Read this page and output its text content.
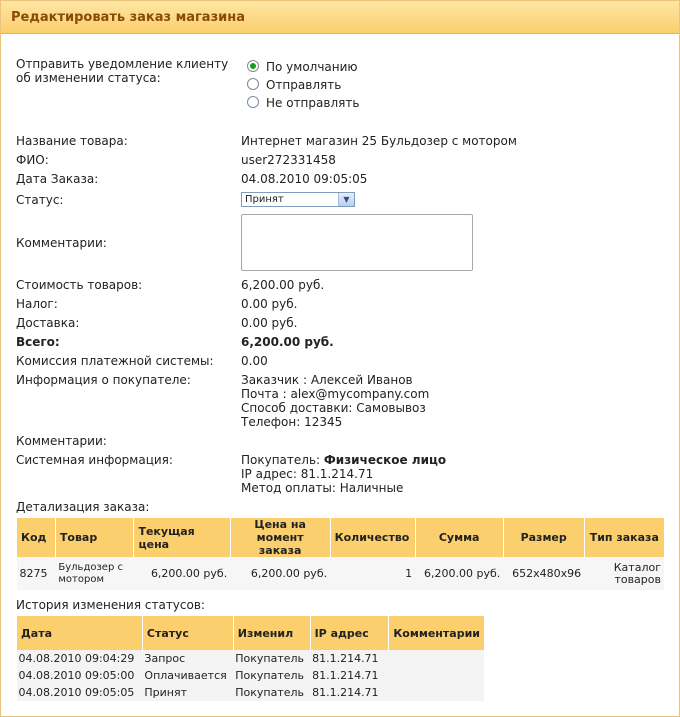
Редактировать заказ магазина
Отправить уведомление клиенту
об изменении статуса:
По умолчанию
Отправлять
Не отправлять
Название товара:	Интернет магазин 25 Бульдозер с мотором
ФИО:	user272331458
Дата Заказа:	04.08.2010 09:05:05
Статус:	Принят	▼
Комментарии:
Стоимость товаров:	6,200.00 руб.
Налог:	0.00 руб.
Доставка:	0.00 руб.
Всего:	6,200.00 руб.
Комиссия платежной системы: 0.00
Информация о покупателе:	Заказчик : Алексей Иванов
Почта : alex@mycompany.com
Способ доставки: Самовывоз
Телефон: 12345
Комментарии:
Системная информация:	Покупатель: Физическое лицо
IP адрес: 81.1.214.71
Метод оплаты: Наличные
Детализация заказа:
Код	Товар	Текущая цена	Цена на
момент заказа	Количество	Сумма	Размер	Тип заказа
8275	Бульдозер с
мотором	6,200.00 руб.	6,200.00 руб.	1	6,200.00 руб.	652x480x96	Каталог
товаров
История изменения статусов:
Дата	Статус	Изменил	IP адрес	Комментарии
04.08.2010 09:04:29	Запрос	Покупатель	81.1.214.71	
04.08.2010 09:05:00	Оплачивается	Покупатель	81.1.214.71	
04.08.2010 09:05:05	Принят	Покупатель	81.1.214.71	
